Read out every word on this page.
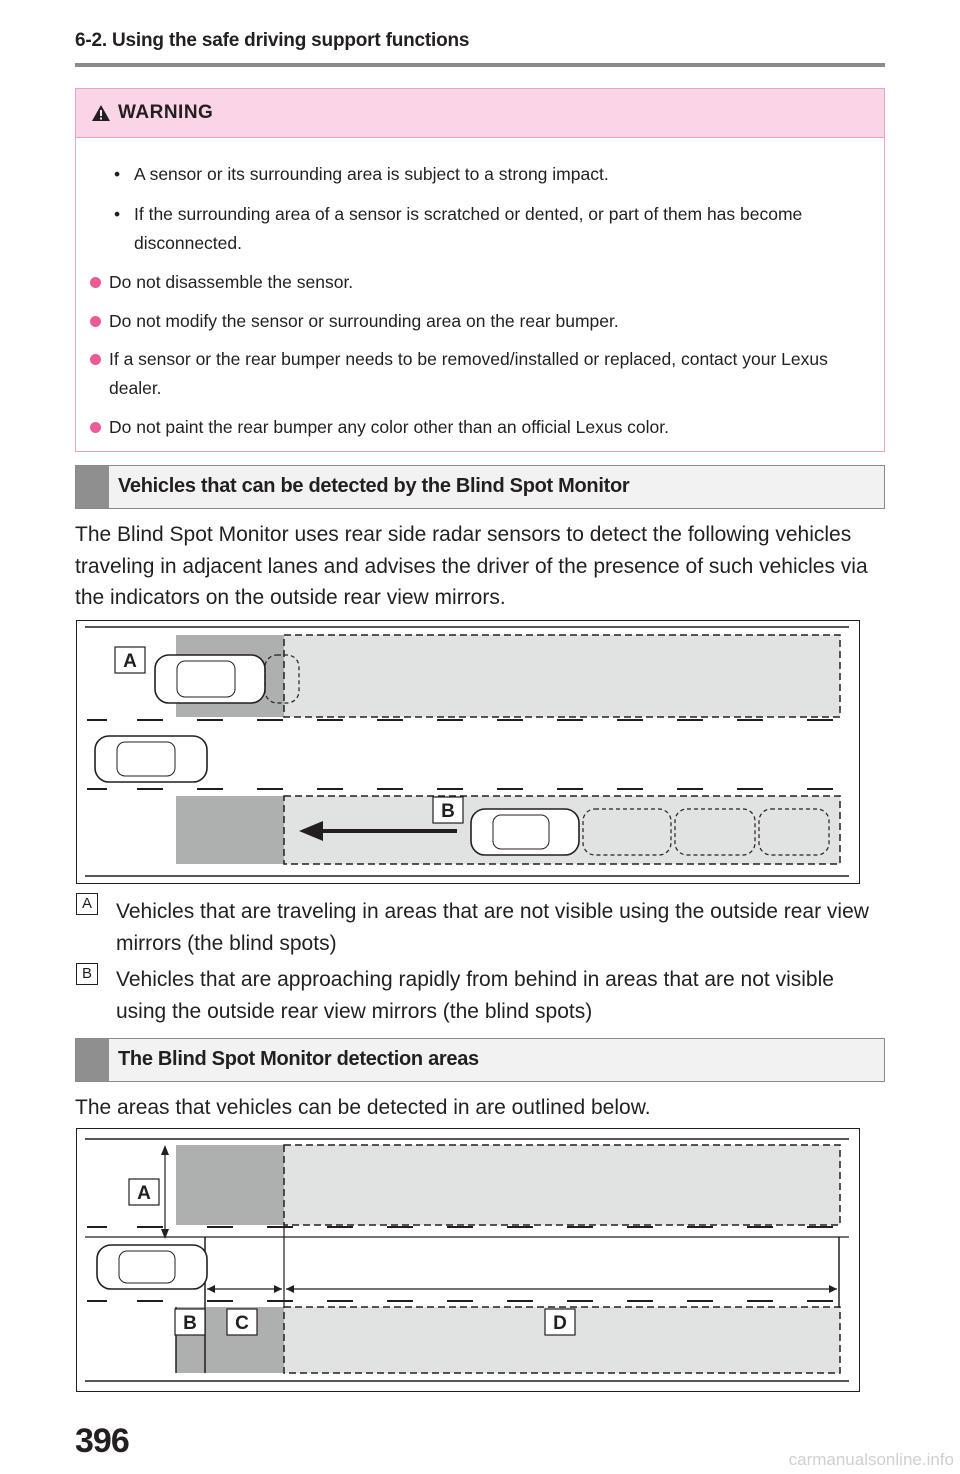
6-2. Using the safe driving support functions
WARNING
• A sensor or its surrounding area is subject to a strong impact.
• If the surrounding area of a sensor is scratched or dented, or part of them has become disconnected.
Do not disassemble the sensor.
Do not modify the sensor or surrounding area on the rear bumper.
If a sensor or the rear bumper needs to be removed/installed or replaced, contact your Lexus dealer.
Do not paint the rear bumper any color other than an official Lexus color.
Vehicles that can be detected by the Blind Spot Monitor
The Blind Spot Monitor uses rear side radar sensors to detect the following vehicles traveling in adjacent lanes and advises the driver of the presence of such vehicles via the indicators on the outside rear view mirrors.
A
B
A Vehicles that are traveling in areas that are not visible using the outside rear view mirrors (the blind spots)
B Vehicles that are approaching rapidly from behind in areas that are not visible using the outside rear view mirrors (the blind spots)
The Blind Spot Monitor detection areas
The areas that vehicles can be detected in are outlined below.
A
B C	D
396	carmanualsonline.info
